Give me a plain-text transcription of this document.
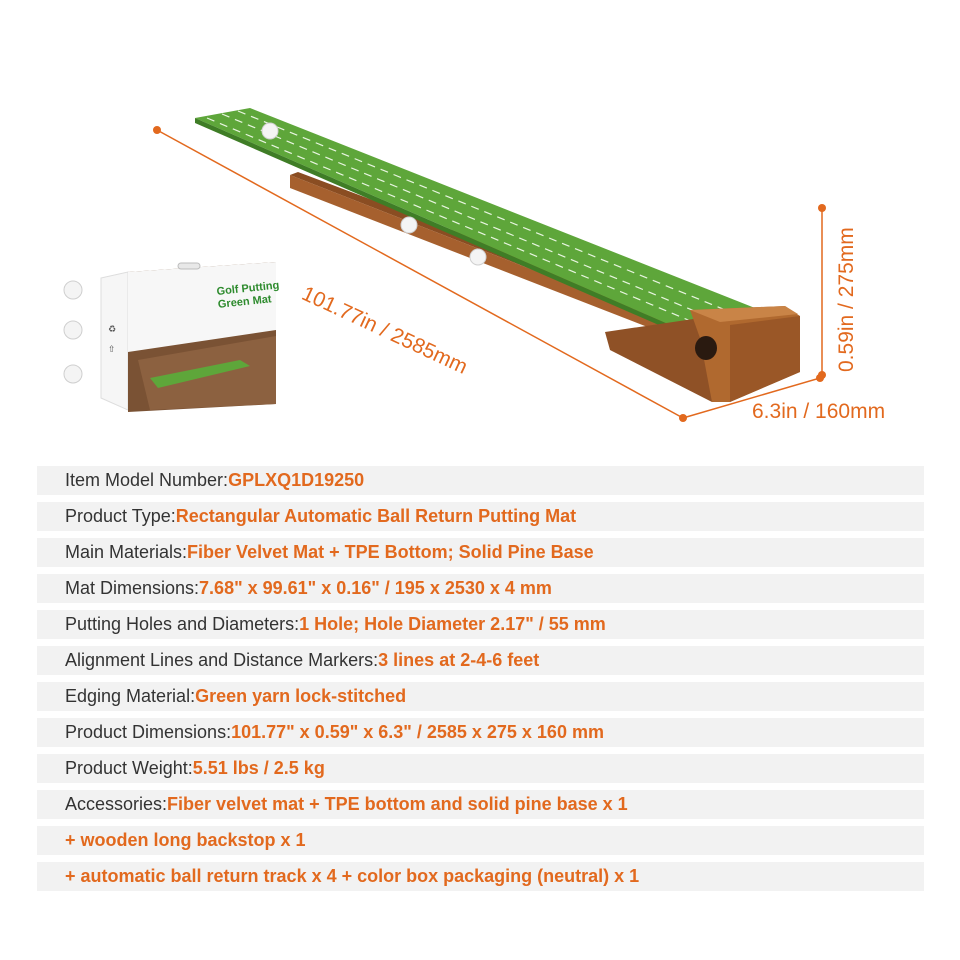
♻
⇧	101.77in / 2585mm	0.59in / 275mm
6.3in / 160mm
Golf Putting
Green Mat
Item Model Number: GPLXQ1D19250
Product Type: Rectangular Automatic Ball Return Putting Mat
Main Materials: Fiber Velvet Mat + TPE Bottom; Solid Pine Base
Mat Dimensions: 7.68" x 99.61" x 0.16" / 195 x 2530 x 4 mm
Putting Holes and Diameters: 1 Hole; Hole Diameter 2.17" / 55 mm
Alignment Lines and Distance Markers: 3 lines at 2-4-6 feet
Edging Material: Green yarn lock-stitched
Product Dimensions: 101.77" x 0.59" x 6.3" / 2585 x 275 x 160 mm
Product Weight: 5.51 lbs / 2.5 kg
Accessories: Fiber velvet mat + TPE bottom and solid pine base x 1
+ wooden long backstop x 1
+ automatic ball return track x 4 + color box packaging (neutral) x 1
